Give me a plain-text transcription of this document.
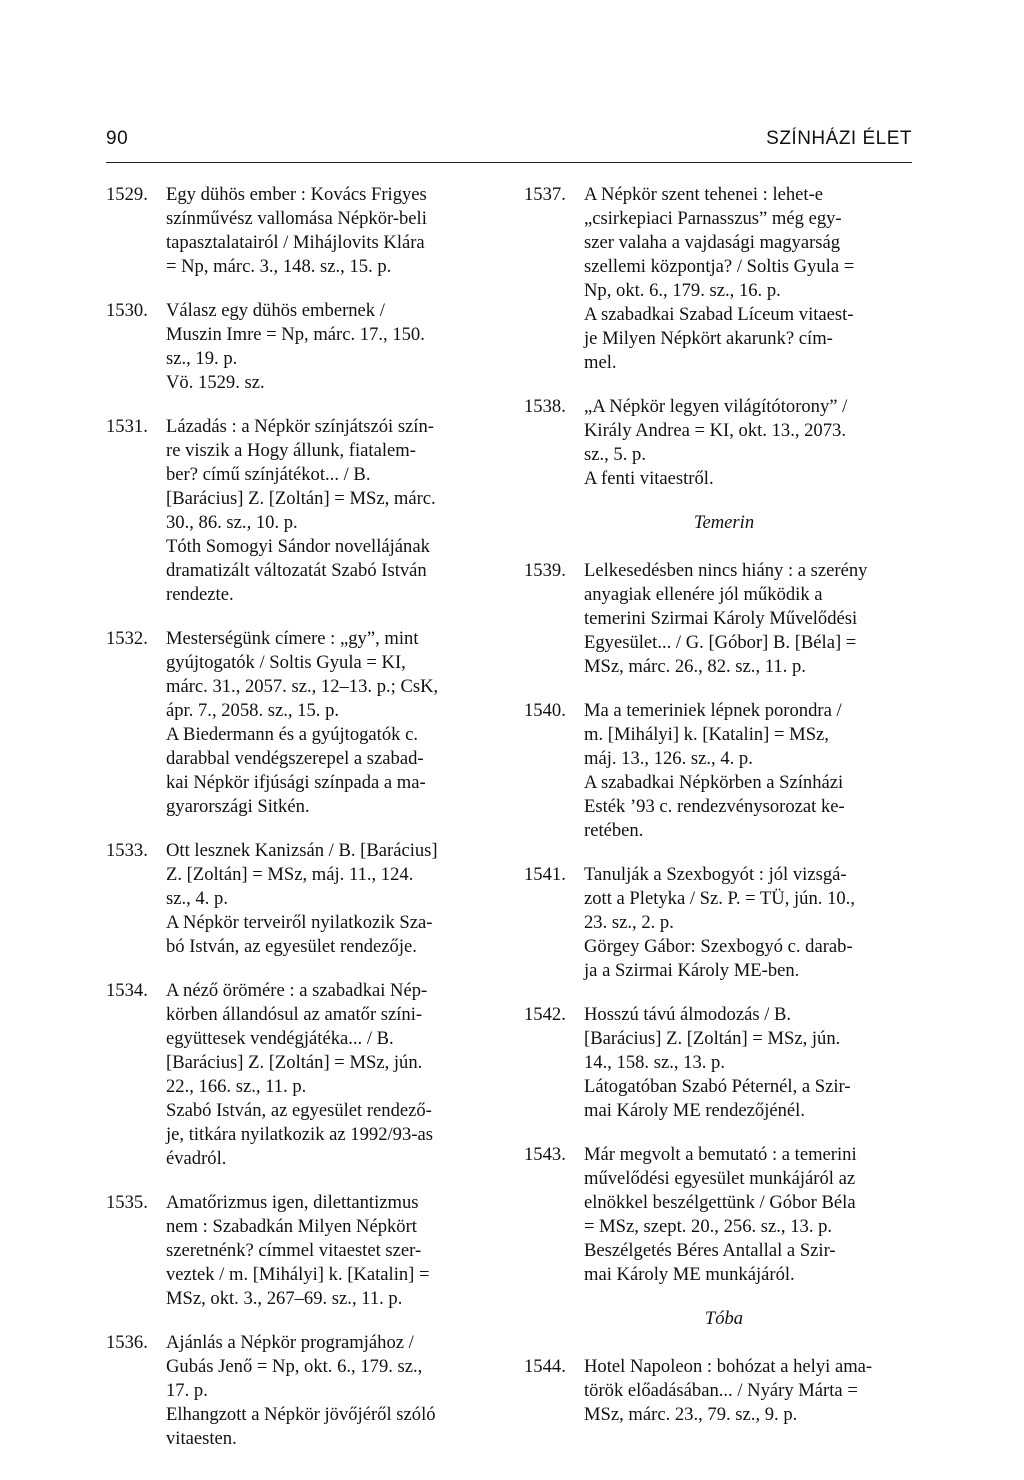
90	SZÍNHÁZI ÉLET
1529. Egy dühös ember : Kovács Frigyes
színművész vallomása Népkör-beli
tapasztalatairól / Mihájlovits Klára
= Np, márc. 3., 148. sz., 15. p.
1530. Válasz egy dühös embernek /
Muszin Imre = Np, márc. 17., 150.
sz., 19. p.
Vö. 1529. sz.
1531. Lázadás : a Népkör színjátszói szín-
re viszik a Hogy állunk, fiatalem-
ber? című színjátékot... / B.
[Barácius] Z. [Zoltán] = MSz, márc.
30., 86. sz., 10. p.
Tóth Somogyi Sándor novellájának
dramatizált változatát Szabó István
rendezte.
1532. Mesterségünk címere : „gy”, mint
gyújtogatók / Soltis Gyula = KI,
márc. 31., 2057. sz., 12–13. p.; CsK,
ápr. 7., 2058. sz., 15. p.
A Biedermann és a gyújtogatók c.
darabbal vendégszerepel a szabad-
kai Népkör ifjúsági színpada a ma-
gyarországi Sitkén.
1533. Ott lesznek Kanizsán / B. [Barácius]
Z. [Zoltán] = MSz, máj. 11., 124.
sz., 4. p.
A Népkör terveiről nyilatkozik Sza-
bó István, az egyesület rendezője.
1534. A néző örömére : a szabadkai Nép-
körben állandósul az amatőr színi-
együttesek vendégjátéka... / B.
[Barácius] Z. [Zoltán] = MSz, jún.
22., 166. sz., 11. p.
Szabó István, az egyesület rendező-
je, titkára nyilatkozik az 1992/93-as
évadról.
1535. Amatőrizmus igen, dilettantizmus
nem : Szabadkán Milyen Népkört
szeretnénk? címmel vitaestet szer-
veztek / m. [Mihályi] k. [Katalin] =
MSz, okt. 3., 267–69. sz., 11. p.
1536. Ajánlás a Népkör programjához /
Gubás Jenő = Np, okt. 6., 179. sz.,
17. p.
Elhangzott a Népkör jövőjéről szóló
vitaesten.
1537. A Népkör szent tehenei : lehet-e
„csirkepiaci Parnasszus” még egy-
szer valaha a vajdasági magyarság
szellemi központja? / Soltis Gyula =
Np, okt. 6., 179. sz., 16. p.
A szabadkai Szabad Líceum vitaest-
je Milyen Népkört akarunk? cím-
mel.
1538. „A Népkör legyen világítótorony” /
Király Andrea = KI, okt. 13., 2073.
sz., 5. p.
A fenti vitaestről.
Temerin
1539. Lelkesedésben nincs hiány : a szerény
anyagiak ellenére jól működik a
temerini Szirmai Károly Művelődési
Egyesület... / G. [Góbor] B. [Béla] =
MSz, márc. 26., 82. sz., 11. p.
1540. Ma a temeriniek lépnek porondra /
m. [Mihályi] k. [Katalin] = MSz,
máj. 13., 126. sz., 4. p.
A szabadkai Népkörben a Színházi
Esték ’93 c. rendezvénysorozat ke-
retében.
1541. Tanulják a Szexbogyót : jól vizsgá-
zott a Pletyka / Sz. P. = TÜ, jún. 10.,
23. sz., 2. p.
Görgey Gábor: Szexbogyó c. darab-
ja a Szirmai Károly ME-ben.
1542. Hosszú távú álmodozás / B.
[Barácius] Z. [Zoltán] = MSz, jún.
14., 158. sz., 13. p.
Látogatóban Szabó Péternél, a Szir-
mai Károly ME rendezőjénél.
1543. Már megvolt a bemutató : a temerini
művelődési egyesület munkájáról az
elnökkel beszélgettünk / Góbor Béla
= MSz, szept. 20., 256. sz., 13. p.
Beszélgetés Béres Antallal a Szir-
mai Károly ME munkájáról.
Tóba
1544. Hotel Napoleon : bohózat a helyi ama-
török előadásában... / Nyáry Márta =
MSz, márc. 23., 79. sz., 9. p.
